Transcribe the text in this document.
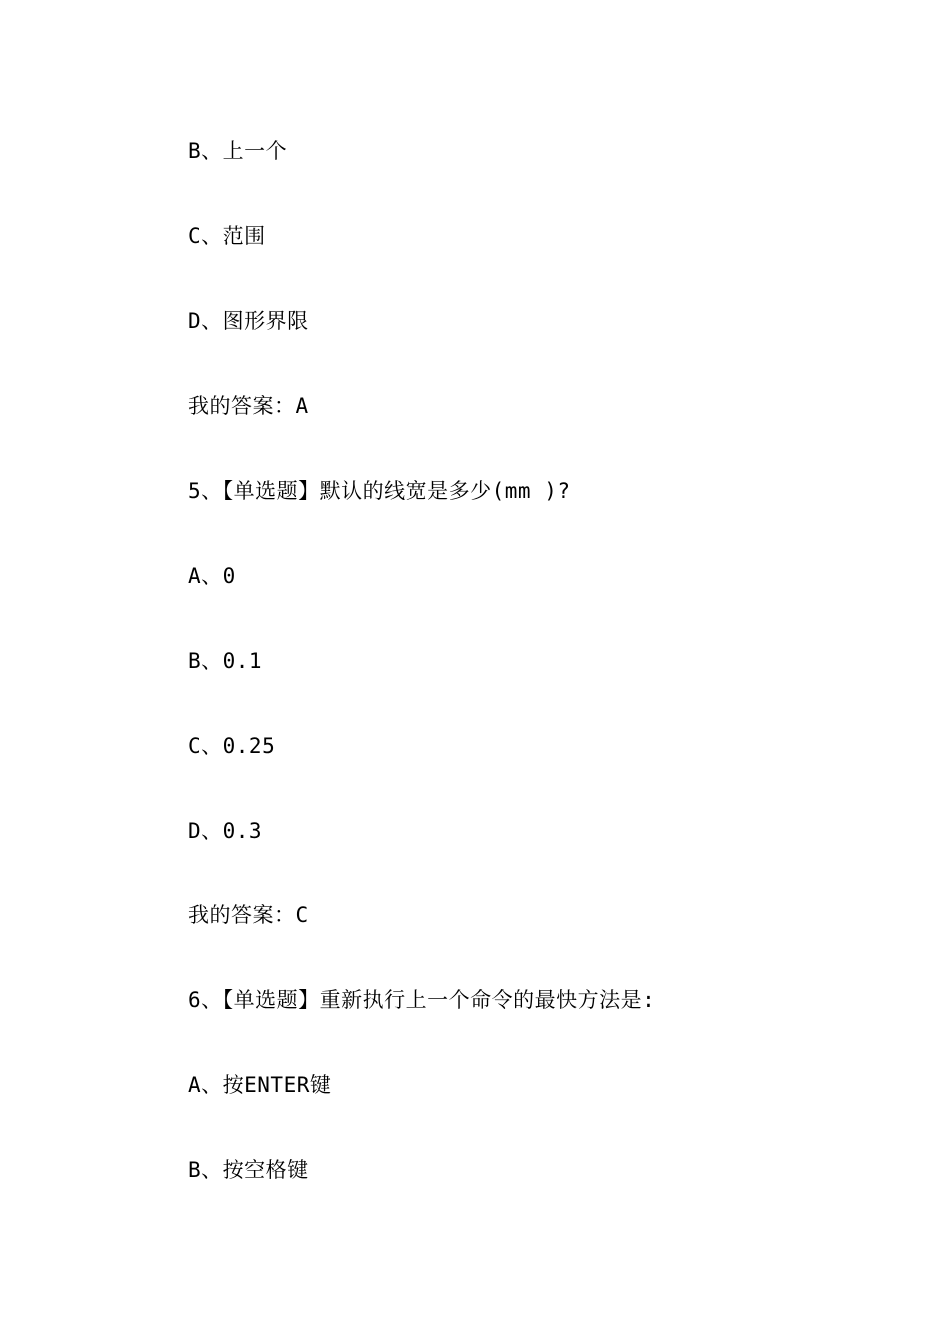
B、上一个
C、范围
D、图形界限
我的答案：A
5、【单选题】默认的线宽是多少(mm )?
A、0
B、0.1
C、0.25
D、0.3
我的答案：C
6、【单选题】重新执行上一个命令的最快方法是:
A、按ENTER键
B、按空格键
